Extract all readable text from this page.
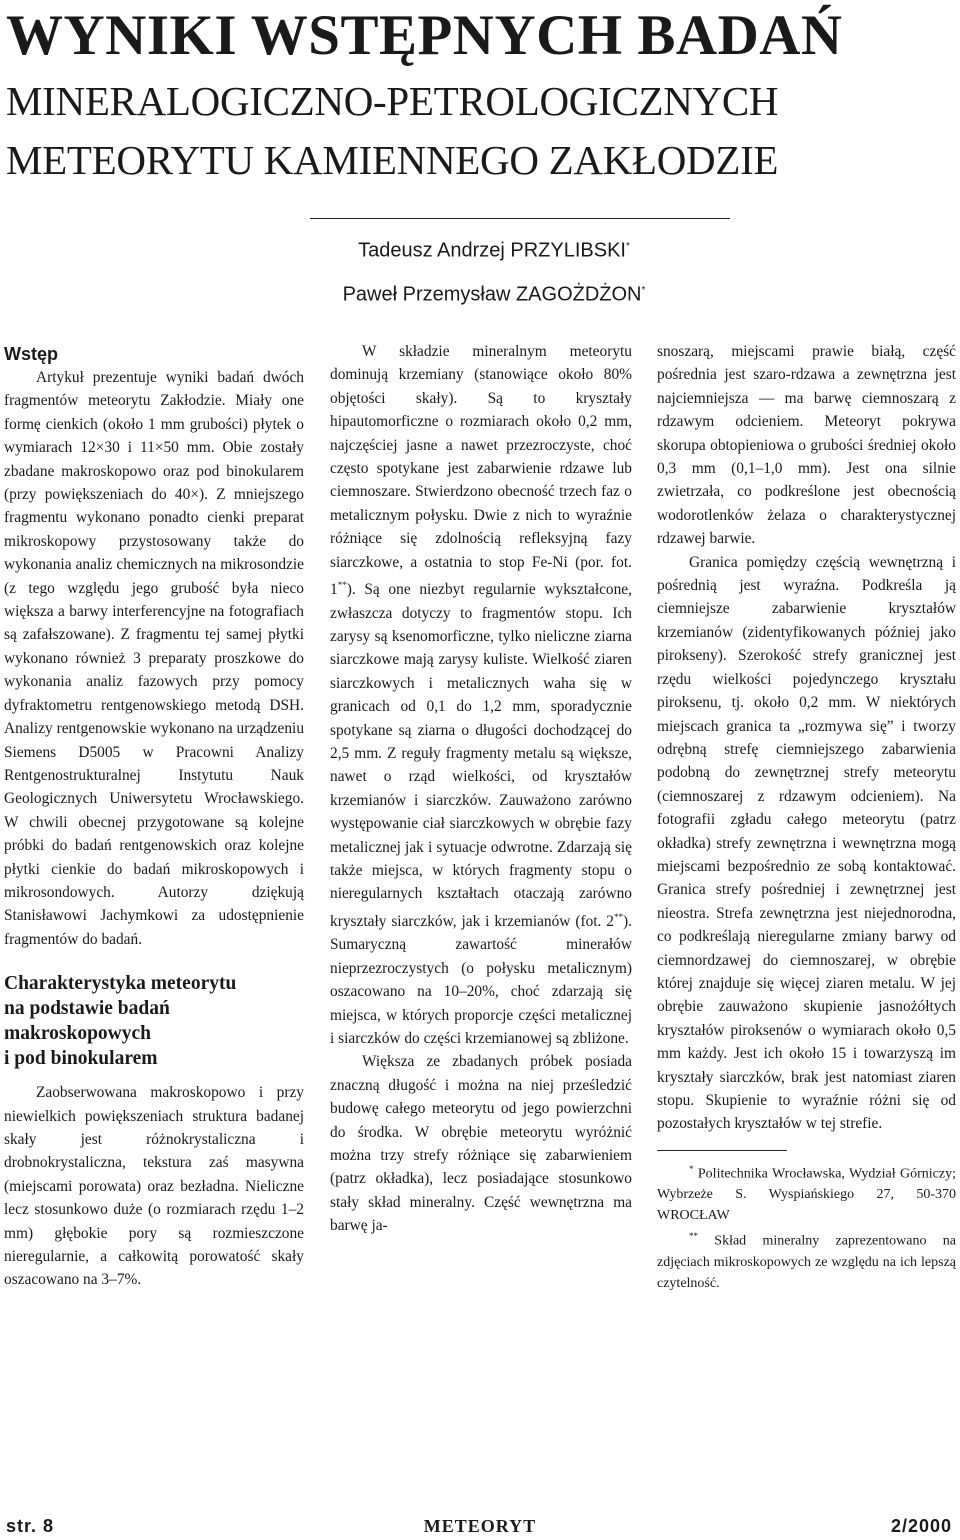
WYNIKI WSTĘPNYCH BADAŃ
MINERALOGICZNO-PETROLOGICZNYCH
METEORYTU KAMIENNEGO ZAKŁODZIE
Tadeusz Andrzej PRZYLIBSKI*
Paweł Przemysław ZAGOŻDŻON*
Wstęp

Artykuł prezentuje wyniki badań dwóch fragmentów meteorytu Zakłodzie. Miały one formę cienkich (około 1 mm grubości) płytek o wymiarach 12×30 i 11×50 mm. Obie zostały zbadane makroskopowo oraz pod binokularem (przy powiększeniach do 40×). Z mniejszego fragmentu wykonano ponadto cienki preparat mikroskopowy przystosowany także do wykonania analiz chemicznych na mikrosondzie (z tego względu jego grubość była nieco większa a barwy interferencyjne na fotografiach są zafałszowane). Z fragmentu tej samej płytki wykonano również 3 preparaty proszkowe do wykonania analiz fazowych przy pomocy dyfraktometru rentgenowskiego metodą DSH. Analizy rentgenowskie wykonano na urządzeniu Siemens D5005 w Pracowni Analizy Rentgenostrukturalnej Instytutu Nauk Geologicznych Uniwersytetu Wrocławskiego. W chwili obecnej przygotowane są kolejne próbki do badań rentgenowskich oraz kolejne płytki cienkie do badań mikroskopowych i mikrosondowych. Autorzy dziękują Stanisławowi Jachymkowi za udostępnienie fragmentów do badań.

Charakterystyka meteorytu
na podstawie badań
makroskopowych
i pod binokularem

Zaobserwowana makroskopowo i przy niewielkich powiększeniach struktura badanej skały jest różnokrystaliczna i drobnokrystaliczna, tekstura zaś masywna (miejscami porowata) oraz bezładna. Nieliczne lecz stosunkowo duże (o rozmiarach rzędu 1–2 mm) głębokie pory są rozmieszczone nieregularnie, a całkowitą porowatość skały oszacowano na 3–7%.

W składzie mineralnym meteorytu dominują krzemiany (stanowiące około 80% objętości skały). Są to kryształy hipautomorficzne o rozmiarach około 0,2 mm, najczęściej jasne a nawet przezroczyste, choć często spotykane jest zabarwienie rdzawe lub ciemnoszare. Stwierdzono obecność trzech faz o metalicznym połysku. Dwie z nich to wyraźnie różniące się zdolnością refleksyjną fazy siarczkowe, a ostatnia to stop Fe-Ni (por. fot. 1**). Są one niezbyt regularnie wykształcone, zwłaszcza dotyczy to fragmentów stopu. Ich zarysy są ksenomorficzne, tylko nieliczne ziarna siarczkowe mają zarysy kuliste. Wielkość ziaren siarczkowych i metalicznych waha się w granicach od 0,1 do 1,2 mm, sporadycznie spotykane są ziarna o długości dochodzącej do 2,5 mm. Z reguły fragmenty metalu są większe, nawet o rząd wielkości, od kryształów krzemianów i siarczków. Zauważono zarówno występowanie ciał siarczkowych w obrębie fazy metalicznej jak i sytuacje odwrotne. Zdarzają się także miejsca, w których fragmenty stopu o nieregularnych kształtach otaczają zarówno kryształy siarczków, jak i krzemianów (fot. 2**). Sumaryczną zawartość minerałów nieprzezroczystych (o połysku metalicznym) oszacowano na 10–20%, choć zdarzają się miejsca, w których proporcje części metalicznej i siarczków do części krzemianowej są zbliżone.

Większa ze zbadanych próbek posiada znaczną długość i można na niej prześledzić budowę całego meteorytu od jego powierzchni do środka. W obrębie meteorytu wyróżnić można trzy strefy różniące się zabarwieniem (patrz okładka), lecz posiadające stosunkowo stały skład mineralny. Część wewnętrzna ma barwę ja-

snoszarą, miejscami prawie białą, część pośrednia jest szaro-rdzawa a zewnętrzna jest najciemniejsza — ma barwę ciemnoszarą z rdzawym odcieniem. Meteoryt pokrywa skorupa obtopieniowa o grubości średniej około 0,3 mm (0,1–1,0 mm). Jest ona silnie zwietrzała, co podkreślone jest obecnością wodorotlenków żelaza o charakterystycznej rdzawej barwie.

Granica pomiędzy częścią wewnętrzną i pośrednią jest wyraźna. Podkreśla ją ciemniejsze zabarwienie kryształów krzemianów (zidentyfikowanych później jako pirokseny). Szerokość strefy granicznej jest rzędu wielkości pojedynczego kryształu piroksenu, tj. około 0,2 mm. W niektórych miejscach granica ta „rozmywa się” i tworzy odrębną strefę ciemniejszego zabarwienia podobną do zewnętrznej strefy meteorytu (ciemnoszarej z rdzawym odcieniem). Na fotografii zgładu całego meteorytu (patrz okładka) strefy zewnętrzna i wewnętrzna mogą miejscami bezpośrednio ze sobą kontaktować. Granica strefy pośredniej i zewnętrznej jest nieostra. Strefa zewnętrzna jest niejednorodna, co podkreślają nieregularne zmiany barwy od ciemnordzawej do ciemnoszarej, w obrębie której znajduje się więcej ziaren metalu. W jej obrębie zauważono skupienie jasnożółtych kryształów piroksenów o wymiarach około 0,5 mm każdy. Jest ich około 15 i towarzyszą im kryształy siarczków, brak jest natomiast ziaren stopu. Skupienie to wyraźnie różni się od pozostałych kryształów w tej strefie.

* Politechnika Wrocławska, Wydział Górniczy; Wybrzeże S. Wyspiańskiego 27, 50-370 WROCŁAW

** Skład mineralny zaprezentowano na zdjęciach mikroskopowych ze względu na ich lepszą czytelność.

str. 8	METEORYT	2/2000
